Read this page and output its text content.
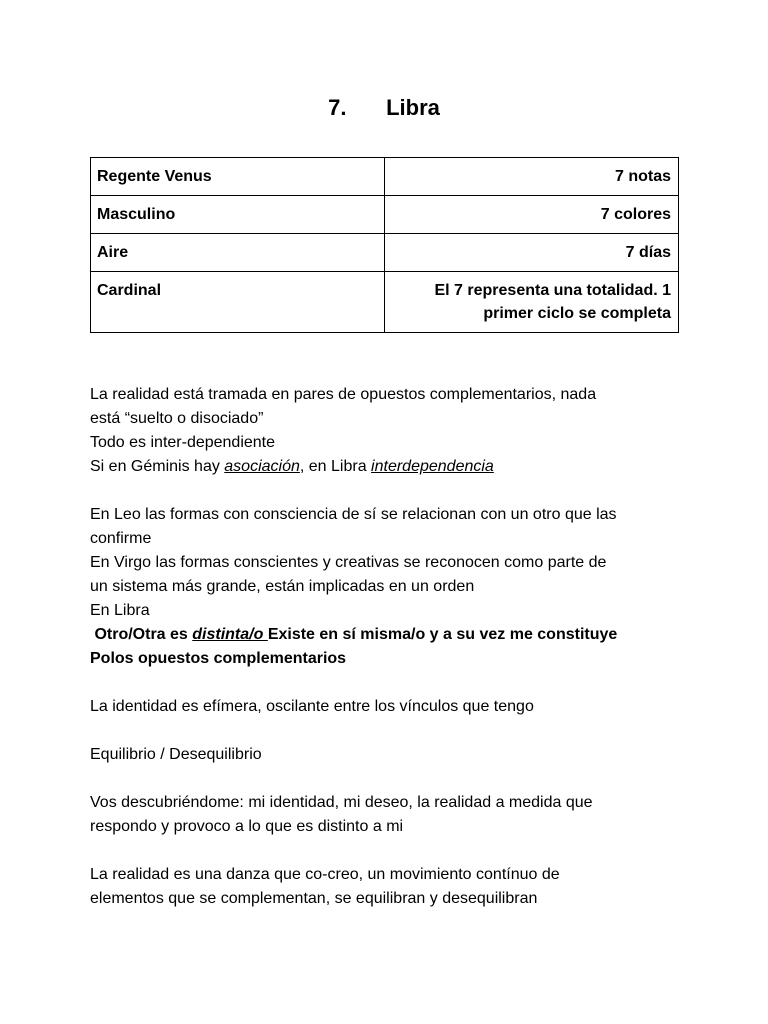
7. Libra
Regente Venus	7 notas
Masculino	7 colores
Aire	7 días
Cardinal	El 7 representa una totalidad. 1
primer ciclo se completa

La realidad está tramada en pares de opuestos complementarios, nada

está “suelto o disociado”

Todo es inter-dependiente

Si en Géminis hay asociación, en Libra interdependencia

En Leo las formas con consciencia de sí se relacionan con un otro que las

confirme

En Virgo las formas conscientes y creativas se reconocen como parte de

un sistema más grande, están implicadas en un orden

En Libra

Otro/Otra es distinta/o Existe en sí misma/o y a su vez me constituye

Polos opuestos complementarios

La identidad es efímera, oscilante entre los vínculos que tengo

Equilibrio / Desequilibrio

Vos descubriéndome: mi identidad, mi deseo, la realidad a medida que

respondo y provoco a lo que es distinto a mi

La realidad es una danza que co-creo, un movimiento contínuo de

elementos que se complementan, se equilibran y desequilibran
